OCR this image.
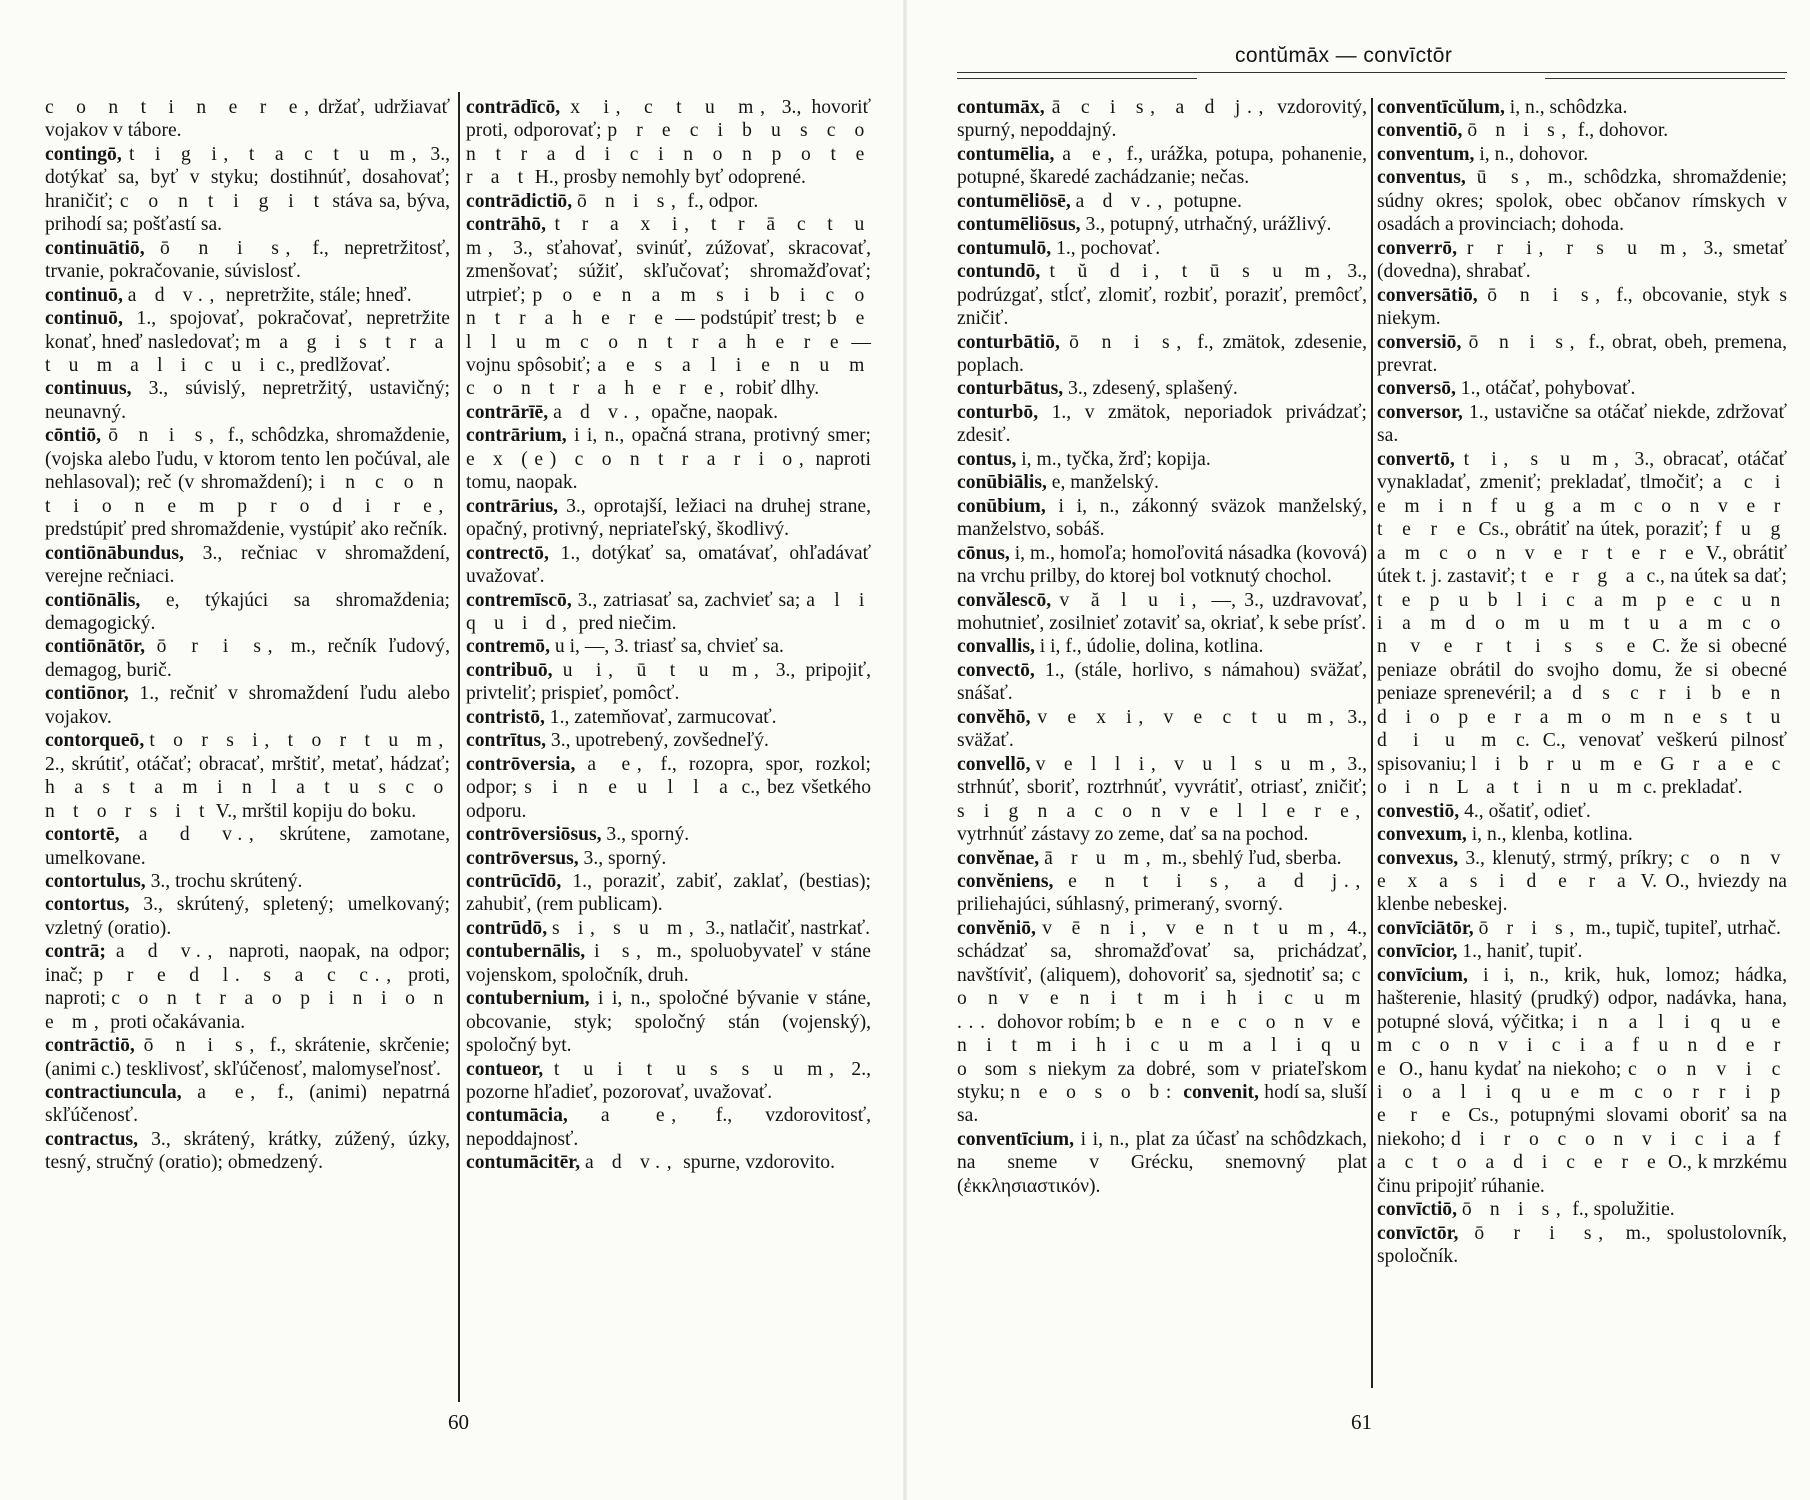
c o n t i n e r e, držať, udržiavať vojakov v tábore.

contingō, t i g i, t a c t u m, 3., dotýkať sa, byť v styku; dostihnúť, dosahovať; hraničiť; c o n t i g i t stáva sa, býva, prihodí sa; pošťastí sa.

continuātiō, ō n i s, f., nepretržitosť, trvanie, pokračovanie, súvislosť.

continuō, a d v., nepretržite, stále; hneď.

continuō, 1., spojovať, pokračovať, nepretržite konať, hneď nasledovať; m a g i s t r a t u m a l i c u i c., predlžovať.

continuus, 3., súvislý, nepretržitý, ustavičný; neunavný.

cōntiō, ō n i s, f., schôdzka, shromaždenie, (vojska alebo ľudu, v ktorom tento len počúval, ale nehlasoval); reč (v shromaždení); i n c o n t i o n e m p r o d i r e, predstúpiť pred shromaždenie, vystúpiť ako rečník.

contiōnābundus, 3., rečniac v shromaždení, verejne rečniaci.

contiōnālis, e, týkajúci sa shromaždenia; demagogický.

contiōnātōr, ō r i s, m., rečník ľudový, demagog, burič.

contiōnor, 1., rečniť v shromaždení ľudu alebo vojakov.

contorqueō, t o r s i, t o r t u m, 2., skrútiť, otáčať; obracať, mrštiť, metať, hádzať; h a s t a m i n l a t u s c o n t o r s i t V., mrštil kopiju do boku.

contortē, a d v., skrútene, zamotane, umelkovane.

contortulus, 3., trochu skrútený.

contortus, 3., skrútený, spletený; umelkovaný; vzletný (oratio).

contrā; a d v., naproti, naopak, na odpor; inač; p r e d l. s a c c., proti, naproti; c o n t r a o p i n i o n e m, proti očakávania.

contrāctiō, ō n i s, f., skrátenie, skrčenie; (animi c.) tesklivosť, skľúčenosť, malomyseľnosť.

contractiuncula, a e, f., (animi) nepatrná skľúčenosť.

contractus, 3., skrátený, krátky, zúžený, úzky, tesný, stručný (oratio); obmedzený.

contrādīcō, x i, c t u m, 3., hovoriť proti, odporovať; p r e c i b u s c o n t r a d i c i n o n p o t e r a t H., prosby nemohly byť odoprené.

contrādictiō, ō n i s, f., odpor.

contrāhō, t r a x i, t r ā c t u m, 3., sťahovať, svinúť, zúžovať, skracovať, zmenšovať; súžiť, skľučovať; shromažďovať; utrpieť; p o e n a m s i b i c o n t r a h e r e — podstúpiť trest; b e l l u m c o n t r a h e r e — vojnu spôsobiť; a e s a l i e n u m c o n t r a h e r e, robiť dlhy.

contrārīē, a d v., opačne, naopak.

contrārium, i i, n., opačná strana, protivný smer; e x (e) c o n t r a r i o, naproti tomu, naopak.

contrārius, 3., oprotajší, ležiaci na druhej strane, opačný, protivný, nepriateľský, škodlivý.

contrectō, 1., dotýkať sa, omatávať, ohľadávať uvažovať.

contremīscō, 3., zatriasať sa, zachvieť sa; a l i q u i d, pred niečim.

contremō, u i, —, 3. triasť sa, chvieť sa.

contribuō, u i, ū t u m, 3., pripojiť, privteliť; prispieť, pomôcť.

contristō, 1., zatemňovať, zarmucovať.

contrītus, 3., upotrebený, zovšedneľý.

contrōversia, a e, f., rozopra, spor, rozkol; odpor; s i n e u l l a c., bez všetkého odporu.

contrōversiōsus, 3., sporný.

contrōversus, 3., sporný.

contrūcīdō, 1., poraziť, zabiť, zaklať, (bestias); zahubiť, (rem publicam).

contrūdō, s i, s u m, 3., natlačiť, nastrkať.

contubernālis, i s, m., spoluobyvateľ v stáne vojenskom, spoločník, druh.

contubernium, i i, n., spoločné bývanie v stáne, obcovanie, styk; spoločný stán (vojenský), spoločný byt.

contueor, t u i t u s s u m, 2., pozorne hľadieť, pozorovať, uvažovať.

contumācia, a e, f., vzdorovitosť, nepoddajnosť.

contumācitēr, a d v., spurne, vzdorovito.

60
contŭmāx — convīctōr

contumāx, ā c i s, a d j., vzdorovitý, spurný, nepoddajný.

contumēlia, a e, f., urážka, potupa, pohanenie, potupné, škaredé zachádzanie; nečas.

contumēliōsē, a d v., potupne.

contumēliōsus, 3., potupný, utrhačný, urážlivý.

contumulō, 1., pochovať.

contundō, t ŭ d i, t ū s u m, 3., podrúzgať, stĺcť, zlomiť, rozbiť, poraziť, premôcť, zničiť.

conturbātiō, ō n i s, f., zmätok, zdesenie, poplach.

conturbātus, 3., zdesený, splašený.

conturbō, 1., v zmätok, neporiadok privádzať; zdesiť.

contus, i, m., tyčka, žrď; kopija.

conūbiālis, e, manželský.

conūbium, i i, n., zákonný sväzok manželský, manželstvo, sobáš.

cōnus, i, m., homoľa; homoľovitá násadka (kovová) na vrchu prilby, do ktorej bol votknutý chochol.

convălescō, v ă l u i, —, 3., uzdravovať, mohutnieť, zosilnieť zotaviť sa, okriať, k sebe prísť.

convallis, i i, f., údolie, dolina, kotlina.

convectō, 1., (stále, horlivo, s námahou) sväžať, snášať.

convĕhō, v e x i, v e c t u m, 3., sväžať.

convellō, v e l l i, v u l s u m, 3., strhnúť, sboriť, roztrhnúť, vyvrátiť, otriasť, zničiť; s i g n a c o n v e l l e r e, vytrhnúť zástavy zo zeme, dať sa na pochod.

convĕnae, ā r u m, m., sbehlý ľud, sberba.

convĕniens, e n t i s, a d j., priliehajúci, súhlasný, primeraný, svorný.

convĕniō, v ē n i, v e n t u m, 4., schádzať sa, shromažďovať sa, prichádzať, navštíviť, (aliquem), dohovoriť sa, sjednotiť sa; c o n v e n i t m i h i c u m ... dohovor robím; b e n e c o n v e n i t m i h i c u m a l i q u o som s niekym za dobré, som v priateľskom styku; n e o s o b: convenit, hodí sa, sluší sa.

conventīcium, i i, n., plat za účasť na schôdzkach, na sneme v Grécku, snemovný plat (ἐκκλησιαστικόν).

conventīcŭlum, i, n., schôdzka.

conventiō, ō n i s, f., dohovor.

conventum, i, n., dohovor.

conventus, ū s, m., schôdzka, shromaždenie; súdny okres; spolok, obec občanov rímskych v osadách a provinciach; dohoda.

converrō, r r i, r s u m, 3., smetať (dovedna), shrabať.

conversātiō, ō n i s, f., obcovanie, styk s niekym.

conversiō, ō n i s, f., obrat, obeh, premena, prevrat.

conversō, 1., otáčať, pohybovať.

conversor, 1., ustavične sa otáčať niekde, zdržovať sa.

convertō, t i, s u m, 3., obracať, otáčať vynakladať, zmeniť; prekladať, tlmočiť; a c i e m i n f u g a m c o n v e r t e r e Cs., obrátiť na útek, poraziť; f u g a m c o n v e r t e r e V., obrátiť útek t. j. zastaviť; t e r g a c., na útek sa dať; t e p u b l i c a m p e c u n i a m d o m u m t u a m c o n v e r t i s s e C. že si obecné peniaze obrátil do svojho domu, že si obecné peniaze sprenevéril; a d s c r i b e n d i o p e r a m o m n e s t u d i u m c. C., venovať veškerú pilnosť spisovaniu; l i b r u m e G r a e c o i n L a t i n u m c. prekladať.

convestiō, 4., ošatiť, odieť.

convexum, i, n., klenba, kotlina.

convexus, 3., klenutý, strmý, príkry; c o n v e x a s i d e r a V. O., hviezdy na klenbe nebeskej.

convīciātōr, ō r i s, m., tupič, tupiteľ, utrhač.

convīcior, 1., haniť, tupiť.

convīcium, i i, n., krik, huk, lomoz; hádka, hašterenie, hlasitý (prudký) odpor, nadávka, hana, potupné slová, výčitka; i n a l i q u e m c o n v i c i a f u n d e r e O., hanu kydať na niekoho; c o n v i c i o a l i q u e m c o r r i p e r e Cs., potupnými slovami oboriť sa na niekoho; d i r o c o n v i c i a f a c t o a d i c e r e O., k mrzkému činu pripojiť rúhanie.

convīctiō, ō n i s, f., spolužitie.

convīctōr, ō r i s, m., spolustolovník, spoločník.

61
